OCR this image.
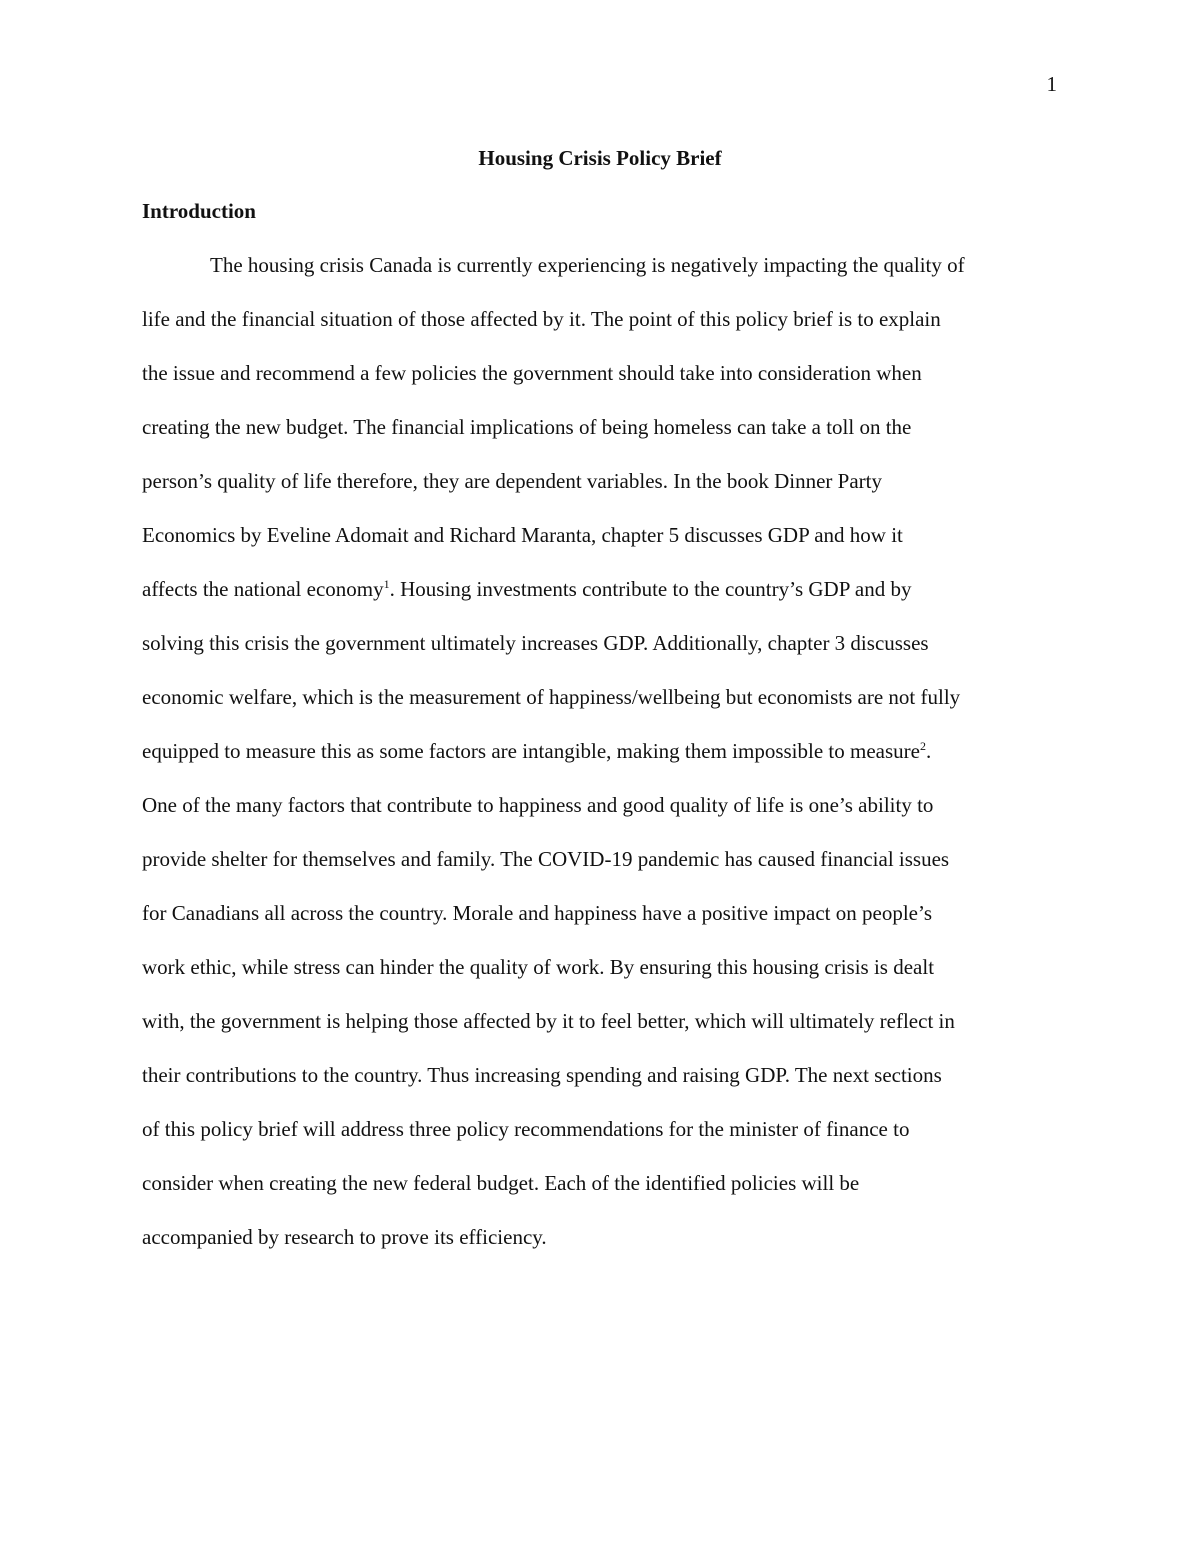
1
Housing Crisis Policy Brief
Introduction
The housing crisis Canada is currently experiencing is negatively impacting the quality of
life and the financial situation of those affected by it. The point of this policy brief is to explain
the issue and recommend a few policies the government should take into consideration when
creating the new budget. The financial implications of being homeless can take a toll on the
person’s quality of life therefore, they are dependent variables. In the book Dinner Party
Economics by Eveline Adomait and Richard Maranta, chapter 5 discusses GDP and how it
affects the national economy$^1$. Housing investments contribute to the country’s GDP and by
solving this crisis the government ultimately increases GDP. Additionally, chapter 3 discusses
economic welfare, which is the measurement of happiness/wellbeing but economists are not fully
equipped to measure this as some factors are intangible, making them impossible to measure$^2$.
One of the many factors that contribute to happiness and good quality of life is one’s ability to
provide shelter for themselves and family. The COVID-19 pandemic has caused financial issues
for Canadians all across the country. Morale and happiness have a positive impact on people’s
work ethic, while stress can hinder the quality of work. By ensuring this housing crisis is dealt
with, the government is helping those affected by it to feel better, which will ultimately reflect in
their contributions to the country. Thus increasing spending and raising GDP. The next sections
of this policy brief will address three policy recommendations for the minister of finance to
consider when creating the new federal budget. Each of the identified policies will be
accompanied by research to prove its efficiency.
